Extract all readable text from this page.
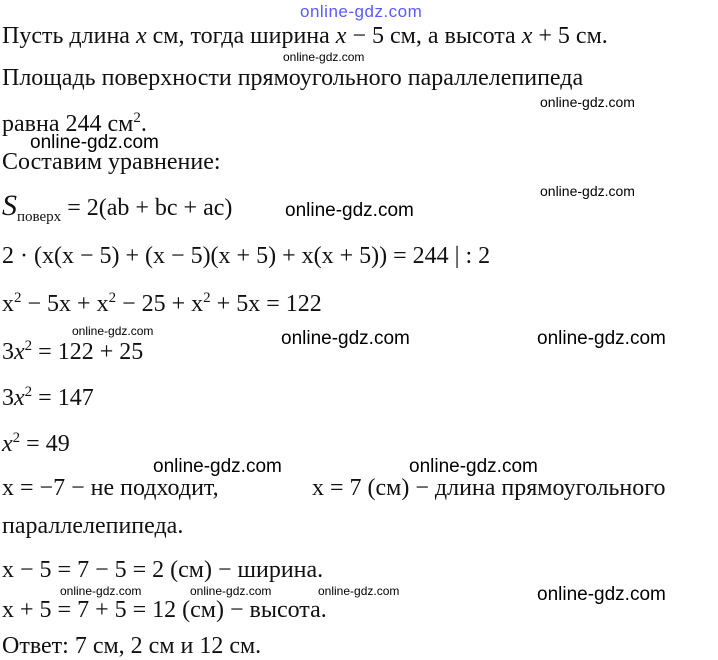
Пусть длина x см, тогда ширина x − 5 см, а высота x + 5 см.
Площадь поверхности прямоугольного параллелепипеда
равна 244 $см^2$.
Составим уравнение:
$S_{поверх} = 2(ab$ + bc + ac)
2 · (x(x − 5) + (x − 5)(x + 5) + x(x + 5)) = 244 | : 2
$x^2 - 5x + x^2 - 25 + x^2 + 5x = 122$
$3x^2 = 122 + 25$
$3x^2 = 147$
$x^2 = 49$
x = −7 − не подходит,	x = 7 (см) − длина прямоугольного
параллелепипеда.
x − 5 = 7 − 5 = 2 (см) − ширина.
x + 5 = 7 + 5 = 12 (см) − высота.
Ответ: 7 см, 2 см и 12 см.
online-gdz.com
online-gdz.com
online-gdz.com
online-gdz.com
online-gdz.com
online-gdz.com
online-gdz.com	online-gdz.com	online-gdz.com
online-gdz.com	online-gdz.com
online-gdz.com	online-gdz.com	online-gdz.com	online-gdz.com
